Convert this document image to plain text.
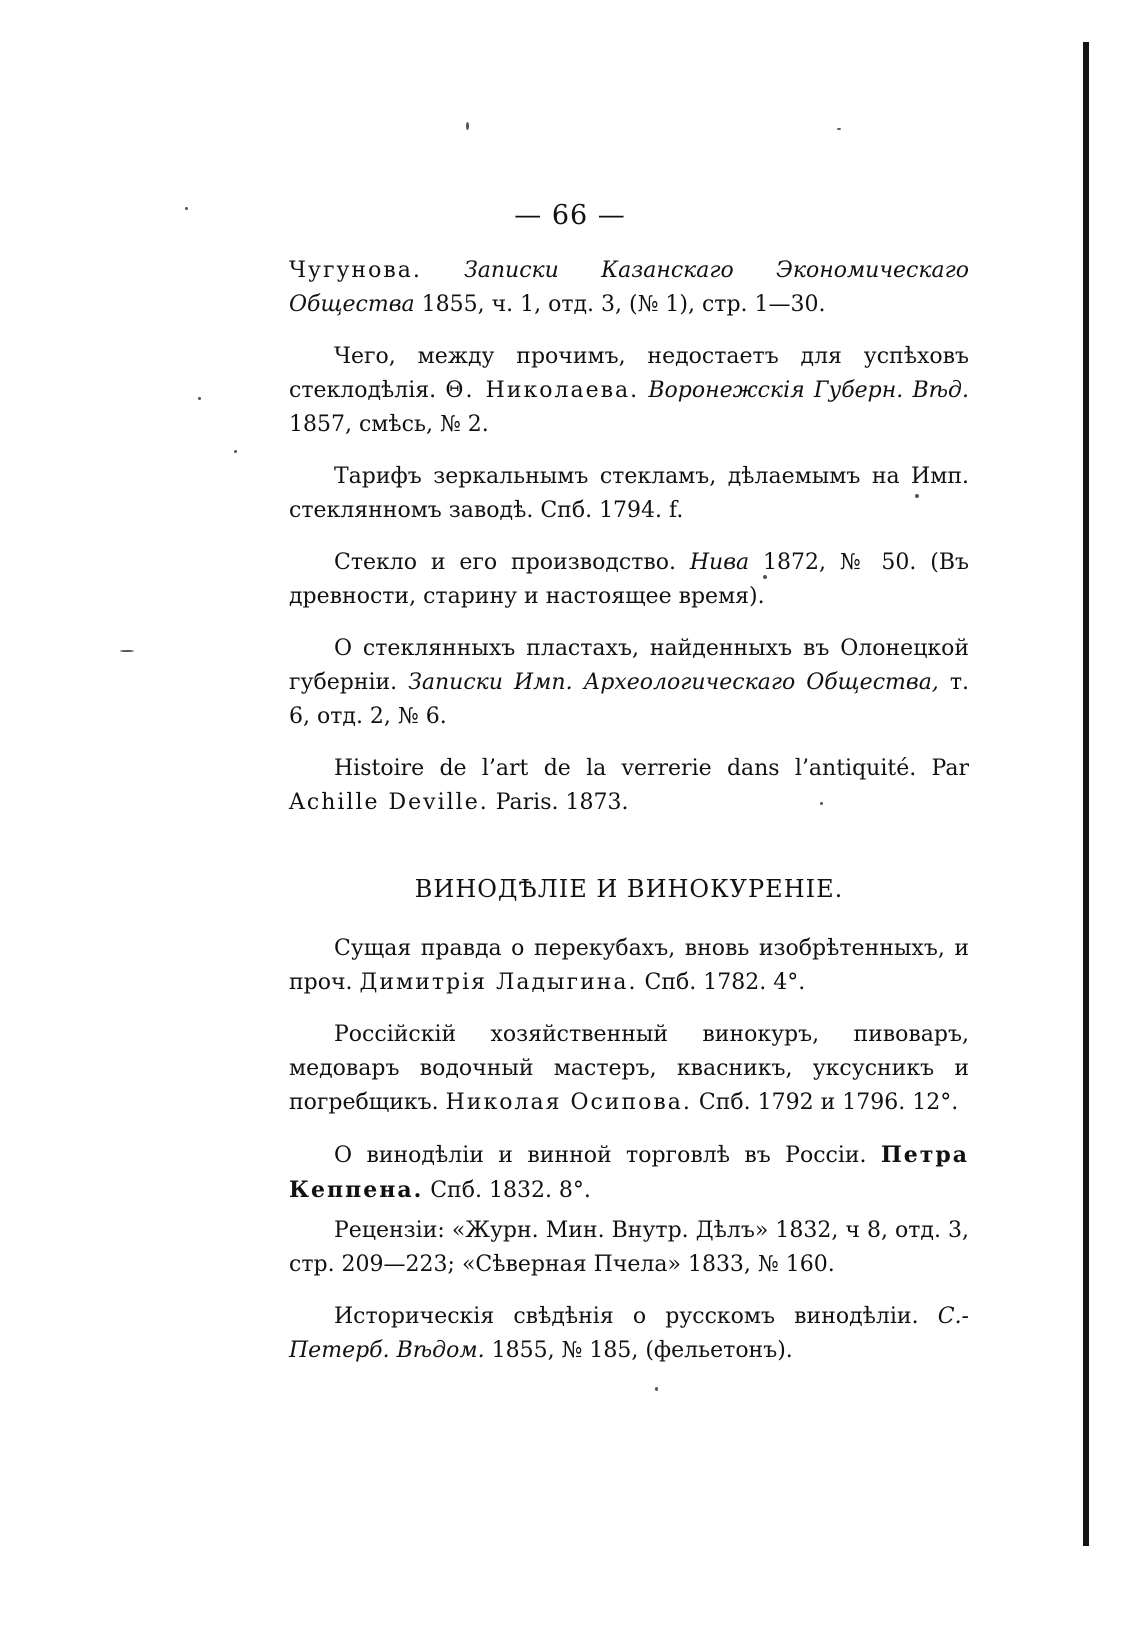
— 66 —

Чугунова. Записки Казанскаго Экономическаго Общества 1855, ч. 1, отд. 3, (№ 1), стр. 1—30.

Чего, между прочимъ, недостаетъ для успѣховъ стеклодѣлія. Θ. Николаева. Воронежскія Губерн. Вѣд. 1857, смѣсь, № 2.

Тарифъ зеркальнымъ стекламъ, дѣлаемымъ на Имп. стеклянномъ заводѣ. Спб. 1794. f.

Стекло и его производство. Нива 1872, № 50. (Въ древности, старину и настоящее время).

О стеклянныхъ пластахъ, найденныхъ въ Олонецкой губерніи. Записки Имп. Археологическаго Общества, т. 6, отд. 2, № 6.

Histoire de l’art de la verrerie dans l’antiquité. Par Achille Deville. Paris. 1873.

ВИНОДѢЛІЕ И ВИНОКУРЕНІЕ.

Сущая правда о перекубахъ, вновь изобрѣтенныхъ, и проч. Димитрія Ладыгина. Спб. 1782. 4°.

Россійскій хозяйственный винокуръ, пивоваръ, медоваръ водочный мастеръ, квасникъ, уксусникъ и погребщикъ. Николая Осипова. Спб. 1792 и 1796. 12°.

О винодѣліи и винной торговлѣ въ Россіи. Петра Кеппена. Спб. 1832. 8°.

Рецензіи: «Журн. Мин. Внутр. Дѣлъ» 1832, ч 8, отд. 3, стр. 209—223; «Сѣверная Пчела» 1833, № 160.

Историческія свѣдѣнія о русскомъ винодѣліи. С.-Петерб. Вѣдом. 1855, № 185, (фельетонъ).
